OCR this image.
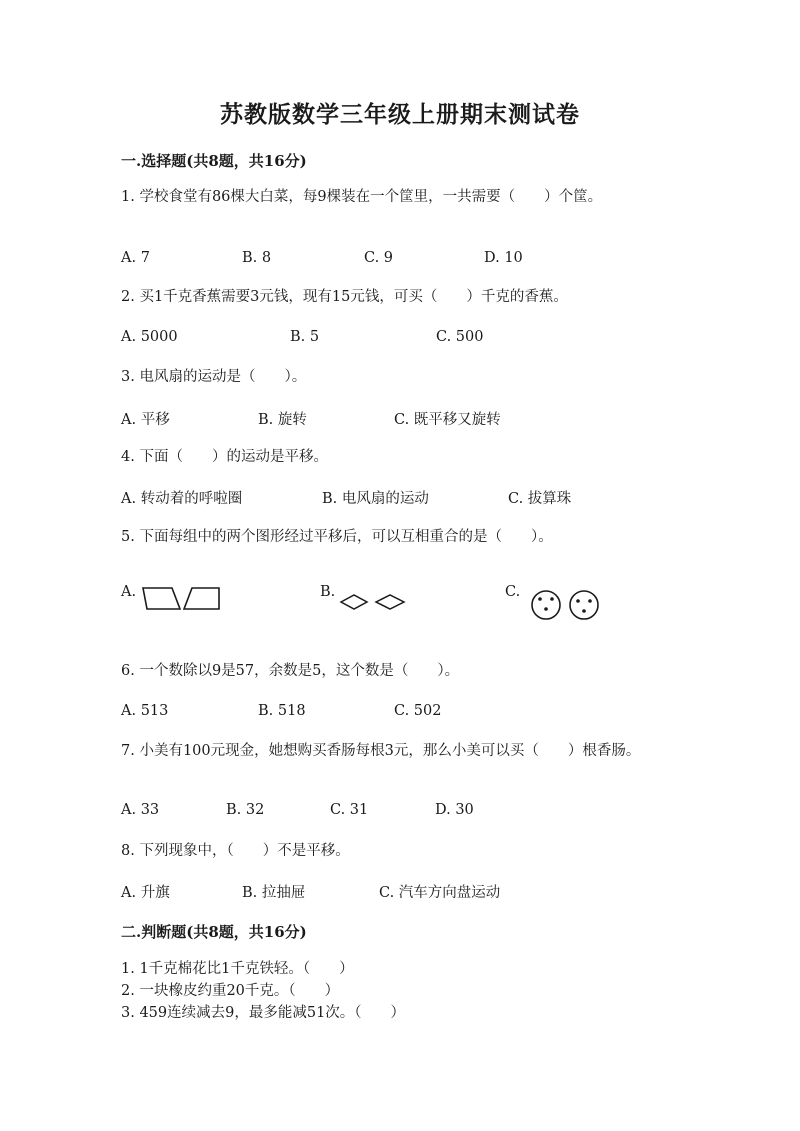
苏教版数学三年级上册期末测试卷
一.选择题(共8题，共16分)
1. 学校食堂有86棵大白菜，每9棵装在一个筐里，一共需要（　　）个筐。
A. 7	B. 8	C. 9	D. 10
2. 买1千克香蕉需要3元钱，现有15元钱，可买（　　）千克的香蕉。
A. 5000	B. 5	C. 500
3. 电风扇的运动是（　　）。
A. 平移	B. 旋转	C. 既平移又旋转
4. 下面（　　）的运动是平移。
A. 转动着的呼啦圈	B. 电风扇的运动	C. 拔算珠
5. 下面每组中的两个图形经过平移后，可以互相重合的是（　　）。
A.	B.	C.
6. 一个数除以9是57，余数是5，这个数是（　　）。
A. 513	B. 518	C. 502
7. 小美有100元现金，她想购买香肠每根3元，那么小美可以买（　　）根香肠。
A. 33	B. 32	C. 31	D. 30
8. 下列现象中，（　　）不是平移。
A. 升旗	B. 拉抽屉	C. 汽车方向盘运动
二.判断题(共8题，共16分)
1. 1千克棉花比1千克铁轻。（　　）
2. 一块橡皮约重20千克。（　　）
3. 459连续减去9，最多能减51次。（　　）
